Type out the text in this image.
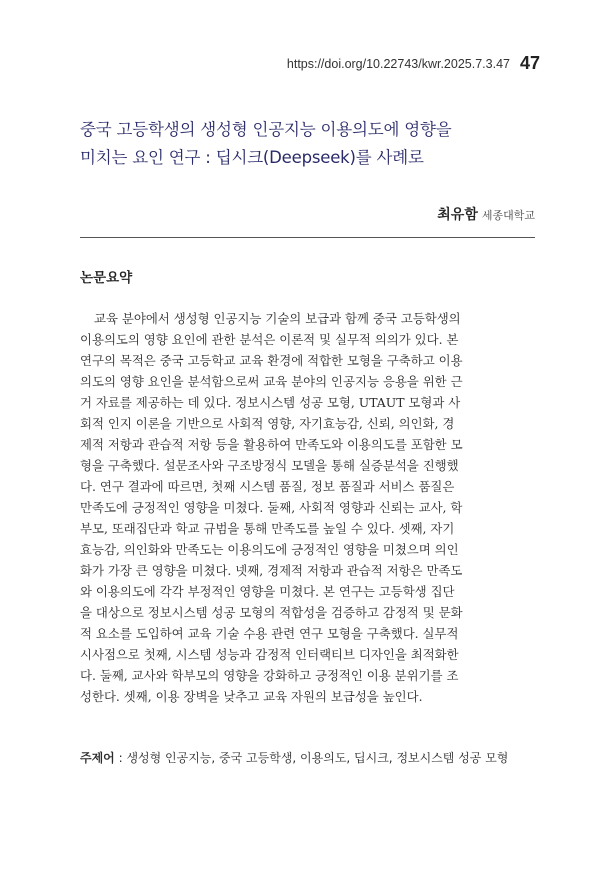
https://doi.org/10.22743/kwr.2025.7.3.47 47
중국 고등학생의 생성형 인공지능 이용의도에 영향을
미치는 요인 연구 : 딥시크(Deepseek)를 사례로
최유함 세종대학교
논문요약

교육 분야에서 생성형 인공지능 기술의 보급과 함께 중국 고등학생의
이용의도의 영향 요인에 관한 분석은 이론적 및 실무적 의의가 있다. 본
연구의 목적은 중국 고등학교 교육 환경에 적합한 모형을 구축하고 이용
의도의 영향 요인을 분석함으로써 교육 분야의 인공지능 응용을 위한 근
거 자료를 제공하는 데 있다. 정보시스템 성공 모형, UTAUT 모형과 사
회적 인지 이론을 기반으로 사회적 영향, 자기효능감, 신뢰, 의인화, 경
제적 저항과 관습적 저항 등을 활용하여 만족도와 이용의도를 포함한 모
형을 구축했다. 설문조사와 구조방정식 모델을 통해 실증분석을 진행했
다. 연구 결과에 따르면, 첫째 시스템 품질, 정보 품질과 서비스 품질은
만족도에 긍정적인 영향을 미쳤다. 둘째, 사회적 영향과 신뢰는 교사, 학
부모, 또래집단과 학교 규범을 통해 만족도를 높일 수 있다. 셋째, 자기
효능감, 의인화와 만족도는 이용의도에 긍정적인 영향을 미쳤으며 의인
화가 가장 큰 영향을 미쳤다. 넷째, 경제적 저항과 관습적 저항은 만족도
와 이용의도에 각각 부정적인 영향을 미쳤다. 본 연구는 고등학생 집단
을 대상으로 정보시스템 성공 모형의 적합성을 검증하고 감정적 및 문화
적 요소를 도입하여 교육 기술 수용 관련 연구 모형을 구축했다. 실무적
시사점으로 첫째, 시스템 성능과 감정적 인터랙티브 디자인을 최적화한
다. 둘째, 교사와 학부모의 영향을 강화하고 긍정적인 이용 분위기를 조
성한다. 셋째, 이용 장벽을 낮추고 교육 자원의 보급성을 높인다.

주제어 : 생성형 인공지능, 중국 고등학생, 이용의도, 딥시크, 정보시스템 성공 모형
